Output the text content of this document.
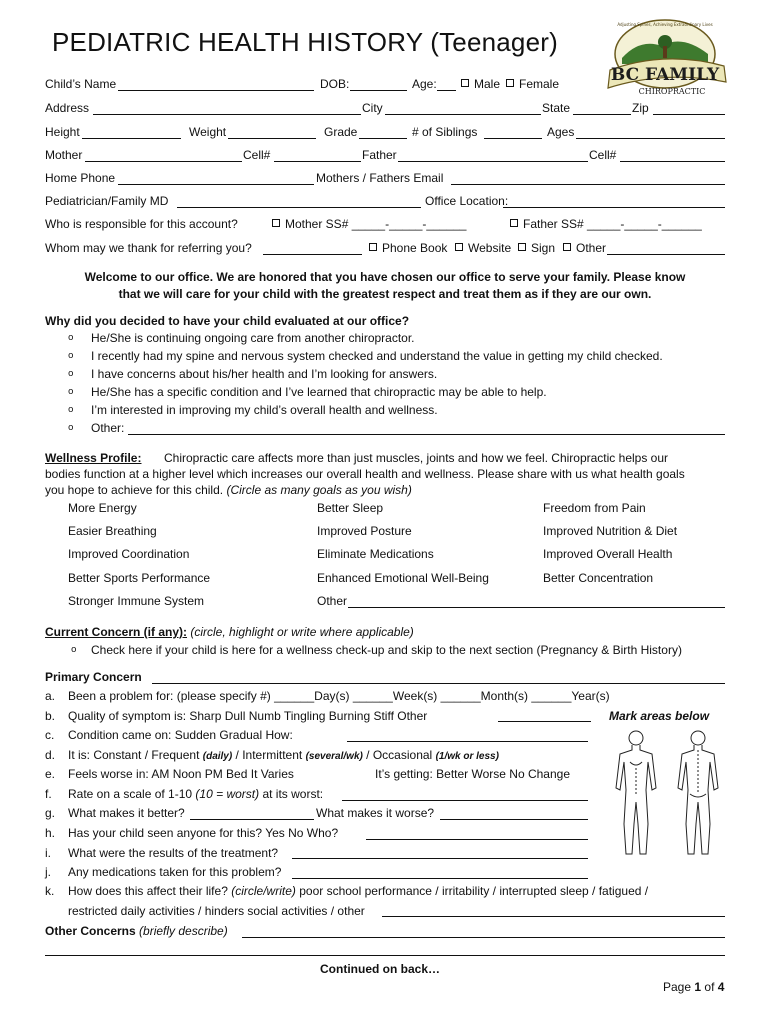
PEDIATRIC HEALTH HISTORY (Teenager)
BC FAMILY
CHIROPRACTIC
Adjusting Spines, Achieving Extraordinary Lives
Child’s Name	DOB:	Age:	Male	Female
Address	City	State	Zip
Height	Weight	Grade	# of Siblings	Ages
Mother	Cell#	Father	Cell#
Home Phone	Mothers / Fathers Email
Pediatrician/Family MD	Office Location:
Who is responsible for this account?	Mother SS# _____-_____-______	Father SS# _____-_____-______
Whom may we thank for referring you?	Phone Book	Website	Sign	Other
Welcome to our office. We are honored that you have chosen our office to serve your family. Please know
that we will care for your child with the greatest respect and treat them as if they are our own.
Why did you decided to have your child evaluated at our office?
o He/She is continuing ongoing care from another chiropractor.
o I recently had my spine and nervous system checked and understand the value in getting my child checked.
o I have concerns about his/her health and I’m looking for answers.
o He/She has a specific condition and I’ve learned that chiropractic may be able to help.
o I’m interested in improving my child’s overall health and wellness.
o Other:
Wellness Profile: Chiropractic care affects more than just muscles, joints and how we feel. Chiropractic helps our
bodies function at a higher level which increases our overall health and wellness. Please share with us what health goals
you hope to achieve for this child. (Circle as many goals as you wish)
More Energy	Better Sleep	Freedom from Pain
Easier Breathing	Improved Posture	Improved Nutrition & Diet
Improved Coordination	Eliminate Medications	Improved Overall Health
Better Sports Performance	Enhanced Emotional Well-Being	Better Concentration
Stronger Immune System	Other
Current Concern (if any): (circle, highlight or write where applicable)
o Check here if your child is here for a wellness check-up and skip to the next section (Pregnancy & Birth History)
Primary Concern
Mark areas below
a. Been a problem for: (please specify #) ______Day(s) ______Week(s) ______Month(s) ______Year(s)
b. Quality of symptom is: Sharp Dull Numb Tingling Burning Stiff Other
c. Condition came on: Sudden Gradual How:
d. It is: Constant / Frequent (daily) / Intermittent (several/wk) / Occasional (1/wk or less)
e. Feels worse in: AM Noon PM Bed It Varies	It’s getting: Better Worse No Change
f. Rate on a scale of 1-10 (10 = worst) at its worst:
g. What makes it better?	What makes it worse?
h. Has your child seen anyone for this? Yes No Who?
i. What were the results of the treatment?
j. Any medications taken for this problem?
k. How does this affect their life? (circle/write) poor school performance / irritability / interrupted sleep / fatigued /
restricted daily activities / hinders social activities / other
Other Concerns (briefly describe)
Continued on back…
Page 1 of 4
